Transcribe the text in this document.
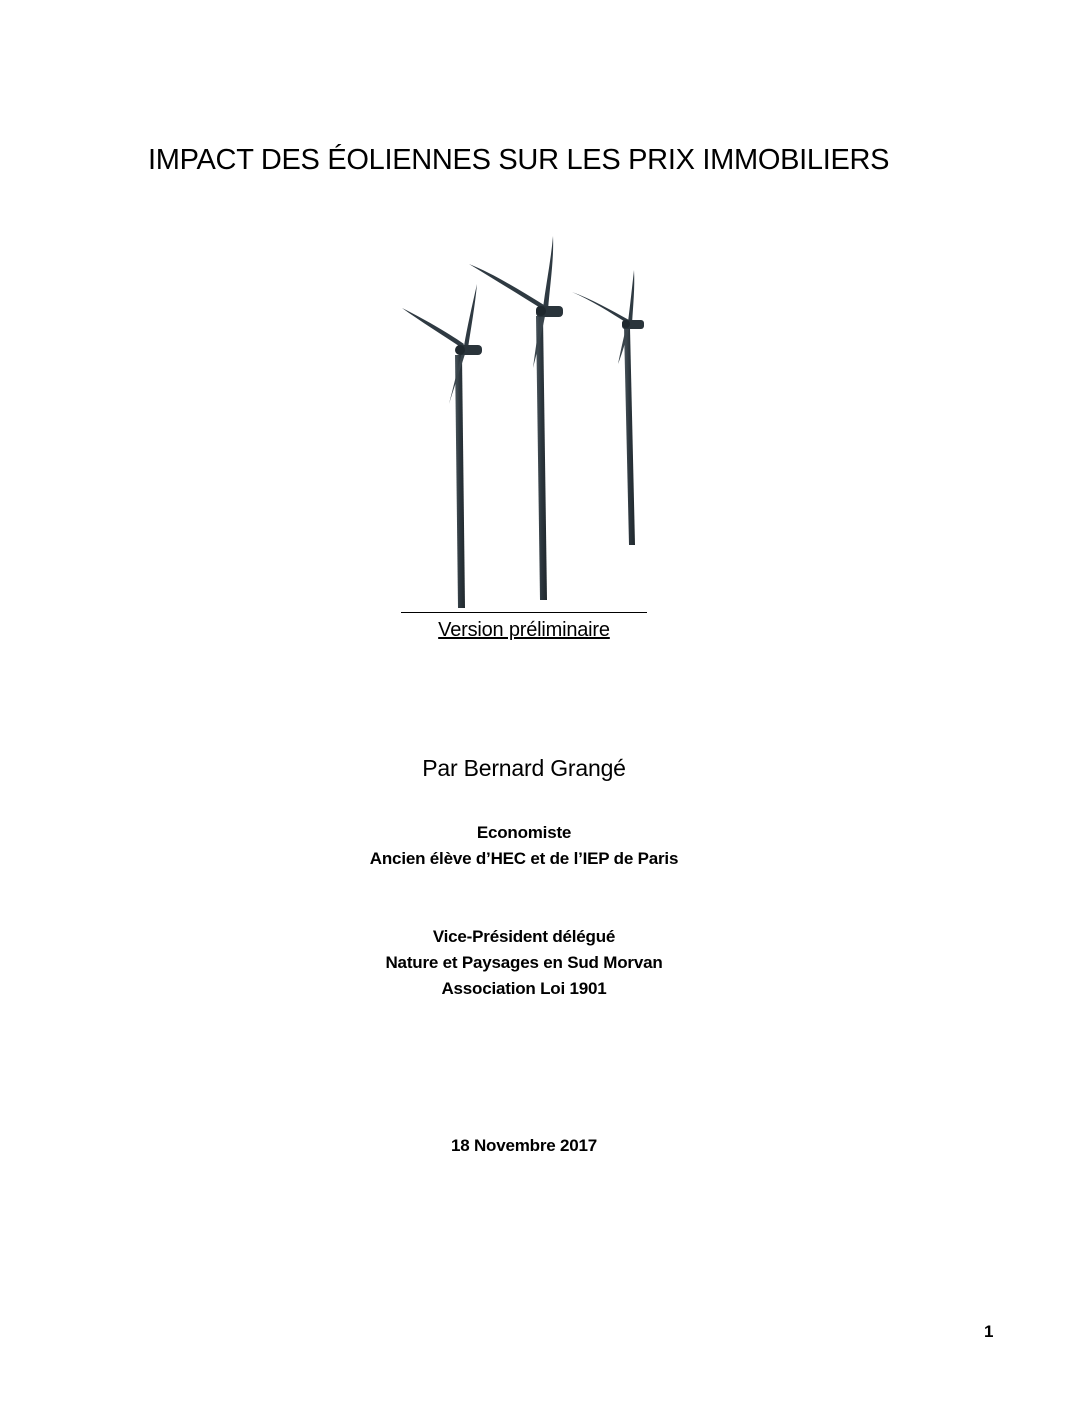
IMPACT DES ÉOLIENNES SUR LES PRIX IMMOBILIERS
Version préliminaire
Par Bernard Grangé
Economiste
Ancien élève d’HEC et de l’IEP de Paris
Vice-Président délégué
Nature et Paysages en Sud Morvan
Association Loi 1901
18 Novembre 2017
1
